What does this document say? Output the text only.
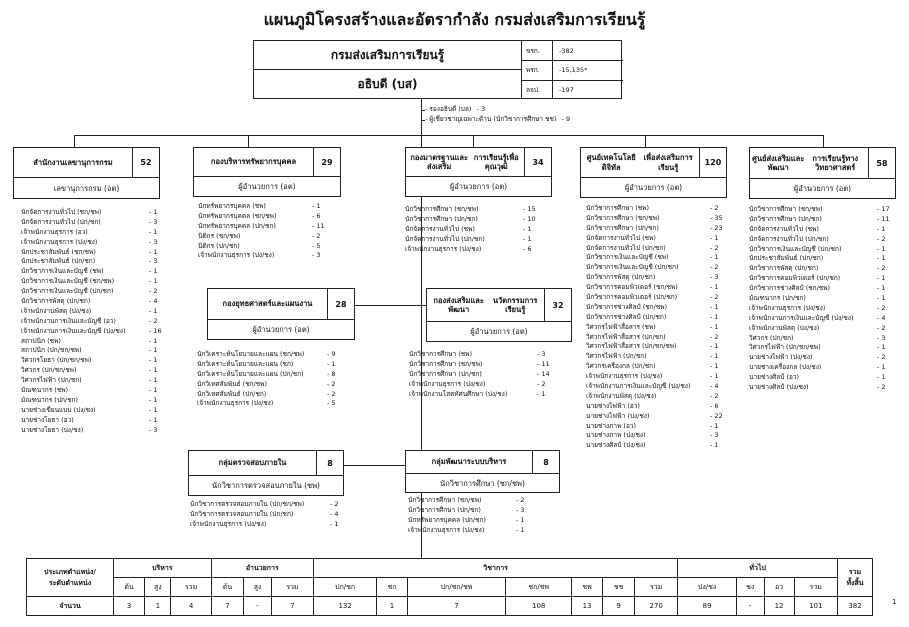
แผนภูมิโครงสร้างและอัตรากำลัง กรมส่งเสริมการเรียนรู้
กรมส่งเสริมการเรียนรู้
อธิบดี (บส)
ขรก.	-382
พรก.	-15,135*
ลจป.	-197
- รองอธิบดี (บล) - 3
- ผู้เชี่ยวชาญเฉพาะด้าน (นักวิชาการศึกษา ชช) - 9
สำนักงาน เลขานุการกรม	52
เลขานุการกรม (อต)
นักจัดการงานทั่วไป (ชก/ชพ)	- 1
นักจัดการงานทั่วไป (ปก/ชก)	- 3
เจ้าพนักงานธุรการ (อว)	- 1
เจ้าพนักงานธุรการ (ปง/ชง)	- 3
นักประชาสัมพันธ์ (ชก/ชพ)	- 1
นักประชาสัมพันธ์ (ปก/ชก)	- 3
นักวิชาการเงินและบัญชี (ชพ)	- 1
นักวิชาการเงินและบัญชี (ชก/ชพ)	- 1
นักวิชาการเงินและบัญชี (ปก/ชก)	- 2
นักวิชาการพัสดุ (ปก/ชก)	- 4
เจ้าพนักงานพัสดุ (ปง/ชง)	- 1
เจ้าพนักงานการเงินและบัญชี (อว)	- 2
เจ้าพนักงานการเงินและบัญชี (ปง/ชง)	- 16
สถาปนิก (ชพ)	- 1
สถาปนิก (ปก/ชก/ชพ)	- 1
วิศวกรโยธา (ปก/ชก/ชพ)	- 1
วิศวกร (ปก/ชก/ชพ)	- 1
วิศวกรไฟฟ้า (ปก/ชก)	- 1
มัณฑนากร (ชพ)	- 1
มัณฑนากร (ปก/ชก)	- 1
นายช่างเขียนแบบ (ปง/ชง)	- 1
นายช่างโยธา (อว)	- 1
นายช่างโยธา (ปง/ชง)	- 3
กองบริหาร ทรัพยากรบุคคล	29
ผู้อำนวยการ (อต)
นักทรัพยากรบุคคล (ชพ)	- 1
นักทรัพยากรบุคคล (ชก/ชพ)	- 6
นักทรัพยากรบุคคล (ปก/ชก)	- 11
นิติกร (ชก/ชพ)	- 2
นิติกร (ปก/ชก)	- 5
เจ้าพนักงานธุรการ (ปง/ชง)	- 3
กองมาตรฐานและส่งเสริม

การเรียนรู้เพื่อคุณวุฒิ	34
ผู้อำนวยการ (อต)
นักวิชาการศึกษา (ชก/ชพ)	- 15
นักวิชาการศึกษา (ปก/ชก)	- 10
นักจัดการงานทั่วไป (ชพ)	- 1
นักจัดการงานทั่วไป (ปก/ชก)	- 1
เจ้าพนักงานธุรการ (ปง/ชง)	- 6
ศูนย์เทคโนโลยีดิจิทัล

เพื่อส่งเสริมการเรียนรู้	120
ผู้อำนวยการ (อต)
นักวิชาการศึกษา (ชพ)	- 2
นักวิชาการศึกษา (ชก/ชพ)	- 35
นักวิชาการศึกษา (ปก/ชก)	- 23
นักจัดการงานทั่วไป (ชพ)	- 1
นักจัดการงานทั่วไป (ปก/ชก)	- 2
นักวิชาการเงินและบัญชี (ชพ)	- 1
นักวิชาการเงินและบัญชี (ปก/ชก)	- 2
นักวิชาการพัสดุ (ปก/ชก)	- 3
นักวิชาการคอมพิวเตอร์ (ชก/ชพ)	- 1
นักวิชาการคอมพิวเตอร์ (ปก/ชก)	- 2
นักวิชาการช่างศิลป์ (ชก/ชพ)	- 1
นักวิชาการช่างศิลป์ (ปก/ชก)	- 1
วิศวกรไฟฟ้าสื่อสาร (ชพ)	- 1
วิศวกรไฟฟ้าสื่อสาร (ปก/ชก)	- 2
วิศวกรไฟฟ้าสื่อสาร (ปก/ชก/ชพ)	- 1
วิศวกรไฟฟ้า (ปก/ชก)	- 1
วิศวกรเครื่องกล (ปก/ชก)	- 1
เจ้าพนักงานธุรการ (ปง/ชง)	- 1
เจ้าพนักงานการเงินและบัญชี (ปง/ชง)	- 4
เจ้าพนักงานพัสดุ (ปง/ชง)	- 2
นายช่างไฟฟ้า (อว)	- 6
นายช่างไฟฟ้า (ปง/ชง)	- 22
นายช่างภาพ (อว)	- 1
นายช่างภาพ (ปง/ชง)	- 3
นายช่างศิลป์ (ปง/ชง)	- 1
ศูนย์ส่งเสริมและพัฒนา

การเรียนรู้ทางวิทยาศาสตร์	58
ผู้อำนวยการ (อต)
นักวิชาการศึกษา (ชก/ชพ)	- 17
นักวิชาการศึกษา (ปก/ชก)	- 11
นักจัดการงานทั่วไป (ชพ)	- 1
นักจัดการงานทั่วไป (ปก/ชก)	- 2
นักวิชาการเงินและบัญชี (ปก/ชก)	- 1
นักประชาสัมพันธ์ (ปก/ชก)	- 1
นักวิชาการพัสดุ (ปก/ชก)	- 2
นักวิชาการคอมพิวเตอร์ (ปก/ชก)	- 1
นักวิชาการช่างศิลป์ (ชก/ชพ)	- 1
มัณฑนากร (ปก/ชก)	- 1
เจ้าพนักงานธุรการ (ปง/ชง)	- 2
เจ้าพนักงานการเงินและบัญชี (ปง/ชง)	- 4
เจ้าพนักงานพัสดุ (ปง/ชง)	- 2
วิศวกร (ปก/ชก)	- 3
วิศวกรไฟฟ้า (ปก/ชก/ชพ)	- 1
นายช่างไฟฟ้า (ปง/ชง)	- 2
นายช่างเครื่องกล (ปง/ชง)	- 1
นายช่างศิลป์ (อว)	- 1
นายช่างศิลป์ (ปง/ชง)	- 2
กองยุทธศาสตร์ และแผนงาน	28
ผู้อำนวยการ (อต)
นักวิเคราะห์นโยบายและแผน (ชก/ชพ)	- 9
นักวิเคราะห์นโยบายและแผน (ชก)	- 1
นักวิเคราะห์นโยบายและแผน (ปก/ชก)	- 8
นักวิเทศสัมพันธ์ (ชก/ชพ)	- 2
นักวิเทศสัมพันธ์ (ปก/ชก)	- 2
เจ้าพนักงานธุรการ (ปง/ชง)	- 5
กองส่งเสริมและพัฒนา

นวัตกรรมการเรียนรู้	32
ผู้อำนวยการ (อต)
นักวิชาการศึกษา (ชพ)	- 3
นักวิชาการศึกษา (ชก/ชพ)	- 11
นักวิชาการศึกษา (ปก/ชก)	- 14
เจ้าพนักงานธุรการ (ปง/ชง)	- 2
เจ้าพนักงานโสตทัศนศึกษา (ปง/ชง)	- 1
กลุ่มตรวจสอบภายใน	8
นักวิชาการตรวจสอบภายใน (ชพ)
นักวิชาการตรวจสอบภายใน (ปก/ชก/ชพ)	- 2
นักวิชาการตรวจสอบภายใน (ปก/ชก)	- 4
เจ้าพนักงานธุรการ (ปง/ชง)	- 1
กลุ่มพัฒนาระบบบริหาร	8
นักวิชาการศึกษา (ชก/ชพ)
นักวิชาการศึกษา (ชก/ชพ)	- 2
นักวิชาการศึกษา (ปก/ชก)	- 3
นักทรัพยากรบุคคล (ปก/ชก)	- 1
เจ้าพนักงานธุรการ (ปง/ชง)	- 1
ประเภทตำแหน่ง/
ระดับตำแหน่ง	บริหาร			อำนวยการ			วิชาการ							ทั่วไป				รวม
ทั้งสิ้น
	ต้น	สูง	รวม	ต้น	สูง	รวม	ปก/ชก	ชก	ปก/ชก/ชพ	ชก/ชพ	ชพ	ชช	รวม	ปง/ชง	ชง	อว	รวม	
จำนวน	3	1	4	7	-	7	132	1	7	108	13	9	270	89	-	12	101	382	1
